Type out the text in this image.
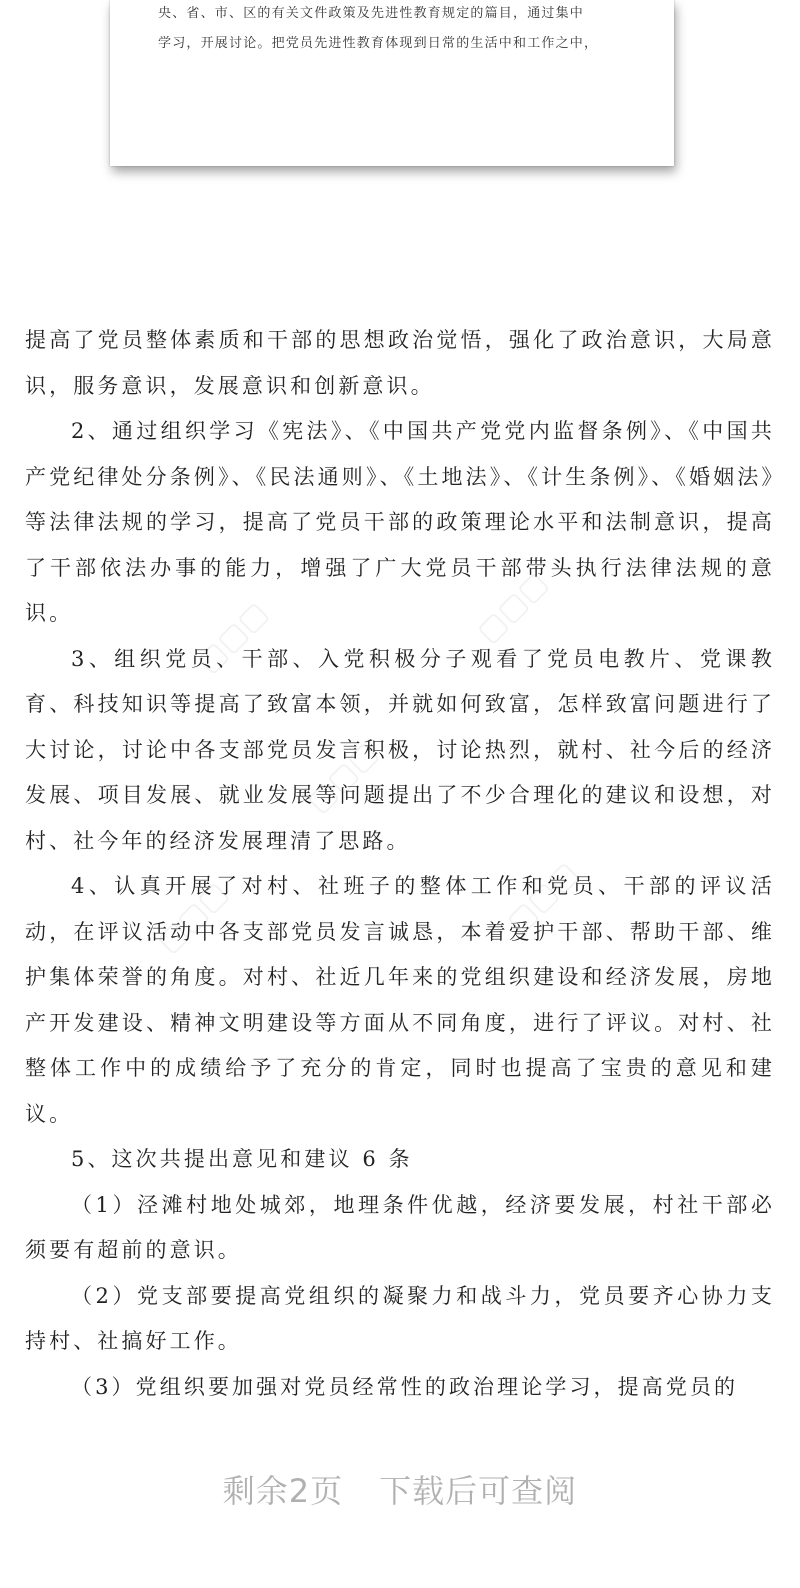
央、省、市、区的有关文件政策及先进性教育规定的篇目，通过集中
学习，开展讨论。把党员先进性教育体现到日常的生活中和工作之中，
▢▢▢	▢▢▢
▢▢▢
▢▢▢	▢▢▢

提高了党员整体素质和干部的思想政治觉悟，强化了政治意识，大局意识，服务意识，发展意识和创新意识。

2、通过组织学习《宪法》、《中国共产党党内监督条例》、《中国共产党纪律处分条例》、《民法通则》、《土地法》、《计生条例》、《婚姻法》等法律法规的学习，提高了党员干部的政策理论水平和法制意识，提高了干部依法办事的能力，增强了广大党员干部带头执行法律法规的意识。

3、组织党员、干部、入党积极分子观看了党员电教片、党课教育、科技知识等提高了致富本领，并就如何致富，怎样致富问题进行了大讨论，讨论中各支部党员发言积极，讨论热烈，就村、社今后的经济发展、项目发展、就业发展等问题提出了不少合理化的建议和设想，对村、社今年的经济发展理清了思路。

4、认真开展了对村、社班子的整体工作和党员、干部的评议活动，在评议活动中各支部党员发言诚恳，本着爱护干部、帮助干部、维护集体荣誉的角度。对村、社近几年来的党组织建设和经济发展，房地产开发建设、精神文明建设等方面从不同角度，进行了评议。对村、社整体工作中的成绩给予了充分的肯定，同时也提高了宝贵的意见和建议。

5、这次共提出意见和建议 6 条

（1）泾滩村地处城郊，地理条件优越，经济要发展，村社干部必须要有超前的意识。

（2）党支部要提高党组织的凝聚力和战斗力，党员要齐心协力支持村、社搞好工作。

（3）党组织要加强对党员经常性的政治理论学习，提高党员的

剩余2页 下载后可查阅
